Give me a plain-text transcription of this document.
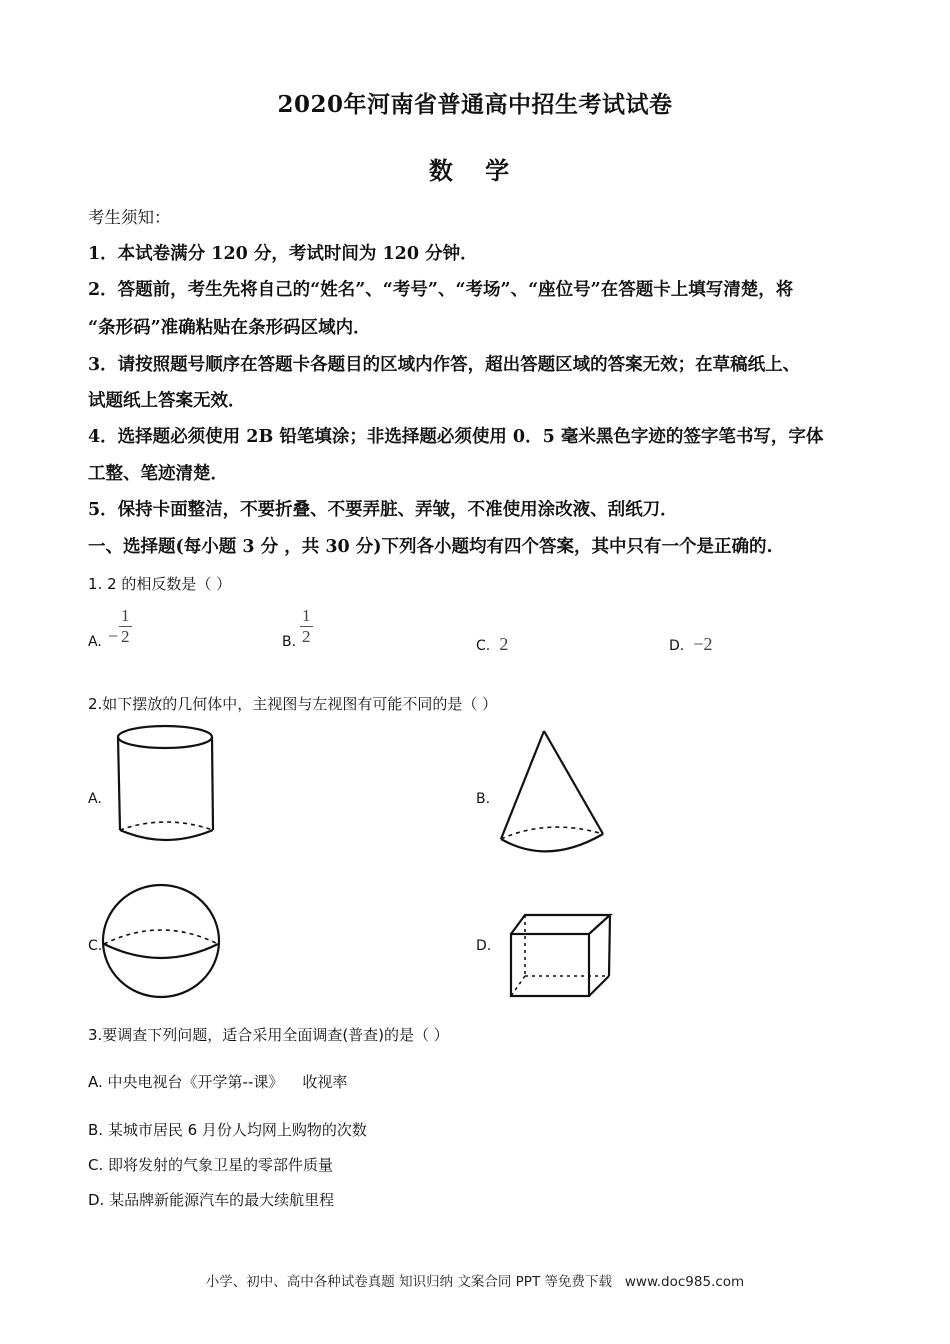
2020年河南省普通高中招生考试试卷
数 学
考生须知：
1．本试卷满分 120 分，考试时间为 120 分钟．
2．答题前，考生先将自己的“姓名”、“考号”、“考场”、“座位号”在答题卡上填写清楚，将
“条形码”准确粘贴在条形码区域内．
3．请按照题号顺序在答题卡各题目的区域内作答，超出答题区域的答案无效；在草稿纸上、
试题纸上答案无效．
4．选择题必须使用 2B 铅笔填涂；非选择题必须使用 0．5 毫米黑色字迹的签字笔书写，字体
工整、笔迹清楚．
5．保持卡面整洁，不要折叠、不要弄脏、弄皱，不准使用涂改液、刮纸刀．
一、选择题(每小题 3 分 ，共 30 分)下列各小题均有四个答案，其中只有一个是正确的.
1. 2 的相反数是（ ）
A. −
1
2	B.
1
2	C. 2	D. −2
2.如下摆放的几何体中，主视图与左视图有可能不同的是（ ）
A.	B.
C.	D.
3.要调查下列问题，适合采用全面调查(普查)的是（ ）
A. 中央电视台《开学第--课》    收视率
B. 某城市居民 6 月份人均网上购物的次数
C. 即将发射的气象卫星的零部件质量
D. 某品牌新能源汽车的最大续航里程
小学、初中、高中各种试卷真题 知识归纳 文案合同 PPT 等免费下载   www.doc985.com
